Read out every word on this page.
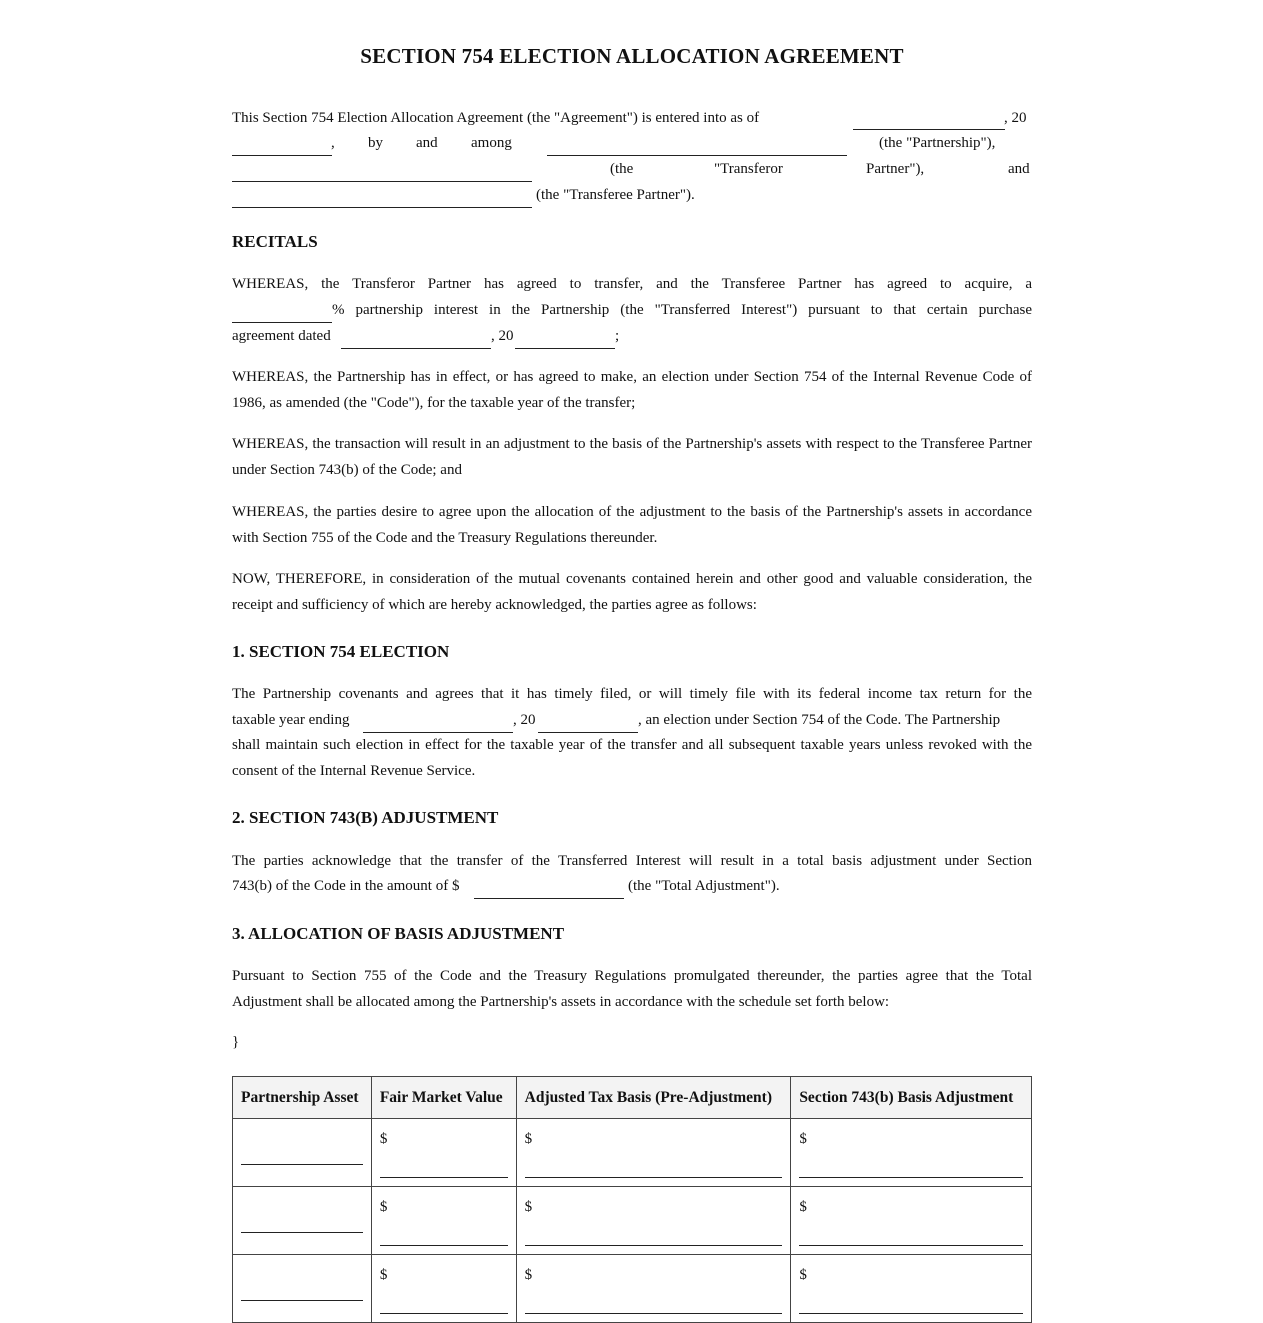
SECTION 754 ELECTION ALLOCATION AGREEMENT
This Section 754 Election Allocation Agreement (the "Agreement") is entered into as of	, 20
, by and among	(the "Partnership"),
(the	"Transferor	Partner"),	and
(the "Transferee Partner").
RECITALS
WHEREAS, the Transferor Partner has agreed to transfer, and the Transferee Partner has agreed to acquire, a
% partnership interest in the Partnership (the "Transferred Interest") pursuant to that certain purchase
agreement dated	, 20	;

WHEREAS, the Partnership has in effect, or has agreed to make, an election under Section 754 of the Internal Revenue Code of 1986, as amended (the "Code"), for the taxable year of the transfer;

WHEREAS, the transaction will result in an adjustment to the basis of the Partnership's assets with respect to the Transferee Partner under Section 743(b) of the Code; and

WHEREAS, the parties desire to agree upon the allocation of the adjustment to the basis of the Partnership's assets in accordance with Section 755 of the Code and the Treasury Regulations thereunder.

NOW, THEREFORE, in consideration of the mutual covenants contained herein and other good and valuable consideration, the receipt and sufficiency of which are hereby acknowledged, the parties agree as follows:

1. SECTION 754 ELECTION
The Partnership covenants and agrees that it has timely filed, or will timely file with its federal income tax return for the

taxable year ending	, 20	, an election under Section 754 of the Code. The Partnership

shall maintain such election in effect for the taxable year of the transfer and all subsequent taxable years unless revoked with the consent of the Internal Revenue Service.

2. SECTION 743(B) ADJUSTMENT
The parties acknowledge that the transfer of the Transferred Interest will result in a total basis adjustment under Section

743(b) of the Code in the amount of $	(the "Total Adjustment").
3. ALLOCATION OF BASIS ADJUSTMENT

Pursuant to Section 755 of the Code and the Treasury Regulations promulgated thereunder, the parties agree that the Total Adjustment shall be allocated among the Partnership's assets in accordance with the schedule set forth below:

}
Partnership Asset	Fair Market Value	Adjusted Tax Basis (Pre-Adjustment)	Section 743(b) Basis Adjustment

	$	$	$

	$	$	$

	$	$	$
